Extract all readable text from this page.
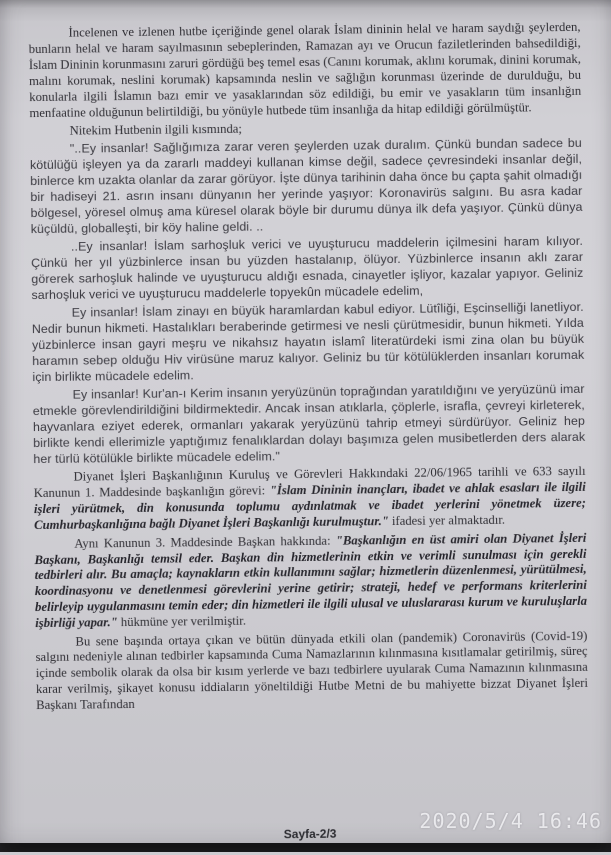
İncelenen ve izlenen hutbe içeriğinde genel olarak İslam dininin helal ve haram saydığı şeylerden, bunların helal ve haram sayılmasının sebeplerinden, Ramazan ayı ve Orucun faziletlerinden bahsedildiği, İslam Dininin korunmasını zaruri gördüğü beş temel esas (Canını korumak, aklını korumak, dinini korumak, malını korumak, neslini korumak) kapsamında neslin ve sağlığın korunması üzerinde de durulduğu, bu konularla ilgili İslamın bazı emir ve yasaklarından söz edildiği, bu emir ve yasakların tüm insanlığın menfaatine olduğunun belirtildiği, bu yönüyle hutbede tüm insanlığa da hitap edildiği görülmüştür.

Nitekim Hutbenin ilgili kısmında;

"..Ey insanlar! Sağlığımıza zarar veren şeylerden uzak duralım. Çünkü bundan sadece bu kötülüğü işleyen ya da zararlı maddeyi kullanan kimse değil, sadece çevresindeki insanlar değil, binlerce km uzakta olanlar da zarar görüyor. İşte dünya tarihinin daha önce bu çapta şahit olmadığı bir hadiseyi 21. asrın insanı dünyanın her yerinde yaşıyor: Koronavirüs salgını. Bu asra kadar bölgesel, yöresel olmuş ama küresel olarak böyle bir durumu dünya ilk defa yaşıyor. Çünkü dünya küçüldü, globalleşti, bir köy haline geldi. ..

..Ey insanlar! İslam sarhoşluk verici ve uyuşturucu maddelerin içilmesini haram kılıyor. Çünkü her yıl yüzbinlerce insan bu yüzden hastalanıp, ölüyor. Yüzbinlerce insanın aklı zarar görerek sarhoşluk halinde ve uyuşturucu aldığı esnada, cinayetler işliyor, kazalar yapıyor. Geliniz sarhoşluk verici ve uyuşturucu maddelerle topyekûn mücadele edelim,

Ey insanlar! İslam zinayı en büyük haramlardan kabul ediyor. Lütîliği, Eşcinselliği lanetliyor. Nedir bunun hikmeti. Hastalıkları beraberinde getirmesi ve nesli çürütmesidir, bunun hikmeti. Yılda yüzbinlerce insan gayri meşru ve nikahsız hayatın islamî literatürdeki ismi zina olan bu büyük haramın sebep olduğu Hiv virüsüne maruz kalıyor. Geliniz bu tür kötülüklerden insanları korumak için birlikte mücadele edelim.

Ey insanlar! Kur'an-ı Kerim insanın yeryüzünün toprağından yaratıldığını ve yeryüzünü imar etmekle görevlendirildiğini bildirmektedir. Ancak insan atıklarla, çöplerle, israfla, çevreyi kirleterek, hayvanlara eziyet ederek, ormanları yakarak yeryüzünü tahrip etmeyi sürdürüyor. Geliniz hep birlikte kendi ellerimizle yaptığımız fenalıklardan dolayı başımıza gelen musibetlerden ders alarak her türlü kötülükle birlikte mücadele edelim."

Diyanet İşleri Başkanlığının Kuruluş ve Görevleri Hakkındaki 22/06/1965 tarihli ve 633 sayılı Kanunun 1. Maddesinde başkanlığın görevi: "İslam Dininin inançları, ibadet ve ahlak esasları ile ilgili işleri yürütmek, din konusunda toplumu aydınlatmak ve ibadet yerlerini yönetmek üzere; Cumhurbaşkanlığına bağlı Diyanet İşleri Başkanlığı kurulmuştur." ifadesi yer almaktadır.

Aynı Kanunun 3. Maddesinde Başkan hakkında: "Başkanlığın en üst amiri olan Diyanet İşleri Başkanı, Başkanlığı temsil eder. Başkan din hizmetlerinin etkin ve verimli sunulması için gerekli tedbirleri alır. Bu amaçla; kaynakların etkin kullanımını sağlar; hizmetlerin düzenlenmesi, yürütülmesi, koordinasyonu ve denetlenmesi görevlerini yerine getirir; strateji, hedef ve performans kriterlerini belirleyip uygulanmasını temin eder; din hizmetleri ile ilgili ulusal ve uluslararası kurum ve kuruluşlarla işbirliği yapar." hükmüne yer verilmiştir.

Bu sene başında ortaya çıkan ve bütün dünyada etkili olan (pandemik) Coronavirüs (Covid-19) salgını nedeniyle alınan tedbirler kapsamında Cuma Namazlarının kılınmasına kısıtlamalar getirilmiş, süreç içinde sembolik olarak da olsa bir kısım yerlerde ve bazı tedbirlere uyularak Cuma Namazının kılınmasına karar verilmiş, şikayet konusu iddiaların yöneltildiği Hutbe Metni de bu mahiyette bizzat Diyanet İşleri Başkanı Tarafından

Sayfa-2/3
2020/5/4 16:46
